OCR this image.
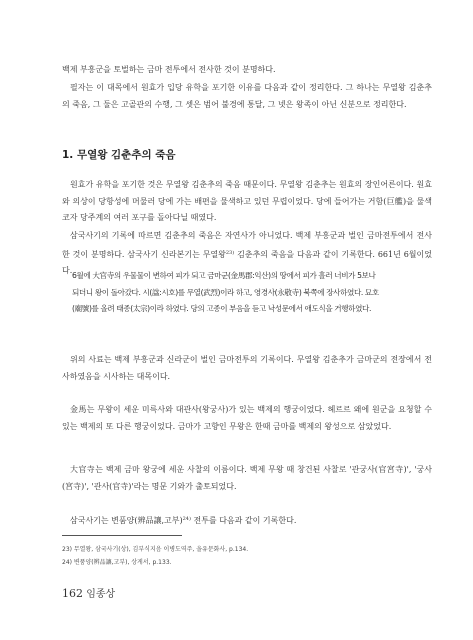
백제 부흥군을 토벌하는 금마 전투에서 전사한 것이 분명하다.

필자는 이 대목에서 원효가 입당 유학을 포기한 이유를 다음과 같이 정리한다. 그 하나는 무열왕 김춘추의 죽음, 그 둘은 고골관의 수행, 그 셋은 범어 불경에 통달, 그 넷은 왕족이 아닌 신분으로 정리한다.

1. 무열왕 김춘추의 죽음

원효가 유학을 포기한 것은 무열왕 김춘추의 죽음 때문이다. 무열왕 김춘추는 원효의 장인어른이다. 원효와 의상이 당항성에 머물러 당에 가는 배편을 물색하고 있던 무렵이었다. 당에 들어가는 거함(巨艦)을 물색코자 당주계의 여러 포구를 돌아다닐 때였다.

삼국사기의 기록에 따르면 김춘추의 죽음은 자연사가 아니었다. 백제 부흥군과 벌인 금마전투에서 전사한 것이 분명하다. 삼국사기 신라본기는 무열왕$^{23)}$ 김춘추의 죽음을 다음과 같이 기록한다. 661년 6월이었다.

6월에 大官寺의 우물물이 변하여 피가 되고 금마군(金馬郡:익산)의 땅에서 피가 흘러 너비가 5보나
되더니 왕이 돌아갔다. 시(諡:시호)를 무열(武烈)이라 하고, 영경사(永敬寺) 북쪽에 장사하였다. 묘호
(廟號)를 올려 태종(太宗)이라 하였다. 당의 고종이 부음을 듣고 낙성문에서 애도식을 거행하였다.

위의 사료는 백제 부흥군과 신라군이 벌인 금마전투의 기록이다. 무열왕 김춘추가 금마군의 전장에서 전사하였음을 시사하는 대목이다.

金馬는 무왕이 세운 미륵사와 대관사(왕궁사)가 있는 백제의 행궁이었다. 헤르르 왜에 원군을 요청할 수 있는 백제의 또 다른 행궁이었다. 금마가 고향인 무왕은 한때 금마를 백제의 왕성으로 삼았었다.

大官寺는 백제 금마 왕궁에 세운 사찰의 이름이다. 백제 무왕 때 창건된 사찰로 '관궁사(官宮寺)', '궁사(宮寺)', '관사(官寺)'라는 명문 기와가 출토되었다.

삼국사기는 변품양(辨品讓,고부)$^{24)}$ 전투를 다음과 같이 기록한다.

23) 무열왕, 삼국사기(상), 김부식지음 이병도역주, 을유문화사, p.134.
24) 변품양(辨品讓,고부), 상게서, p.133.
162 임종상
